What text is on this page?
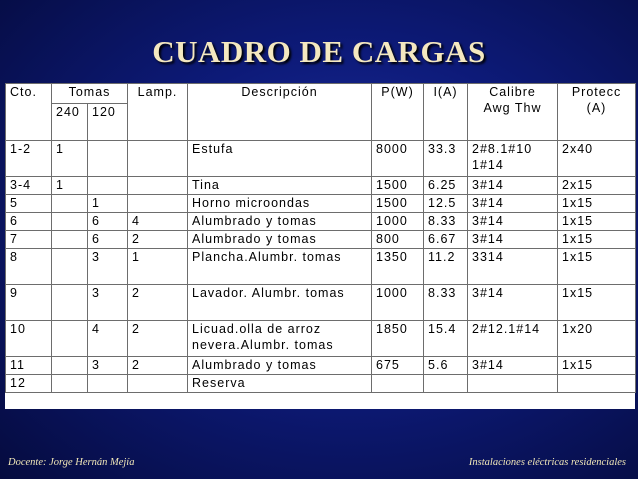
CUADRO DE CARGAS
Cto.	Tomas		Lamp.	Descripción	P(W)	I(A)	Calibre Awg Thw	Protecc (A)
	240	120						
1-2	1			Estufa	8000	33.3	2#8.1#10 1#14	2x40
3-4	1			Tina	1500	6.25	3#14	2x15
5		1		Horno microondas	1500	12.5	3#14	1x15
6		6	4	Alumbrado y tomas	1000	8.33	3#14	1x15
7		6	2	Alumbrado y tomas	800	6.67	3#14	1x15
8		3	1	Plancha.Alumbr. tomas	1350	11.2	3314	1x15
9		3	2	Lavador. Alumbr. tomas	1000	8.33	3#14	1x15
10		4	2	Licuad.olla de arroz nevera.Alumbr. tomas	1850	15.4	2#12.1#14	1x20
11		3	2	Alumbrado y tomas	675	5.6	3#14	1x15
12				Reserva				
Docente: Jorge Hernán Mejía	Instalaciones eléctricas residenciales
